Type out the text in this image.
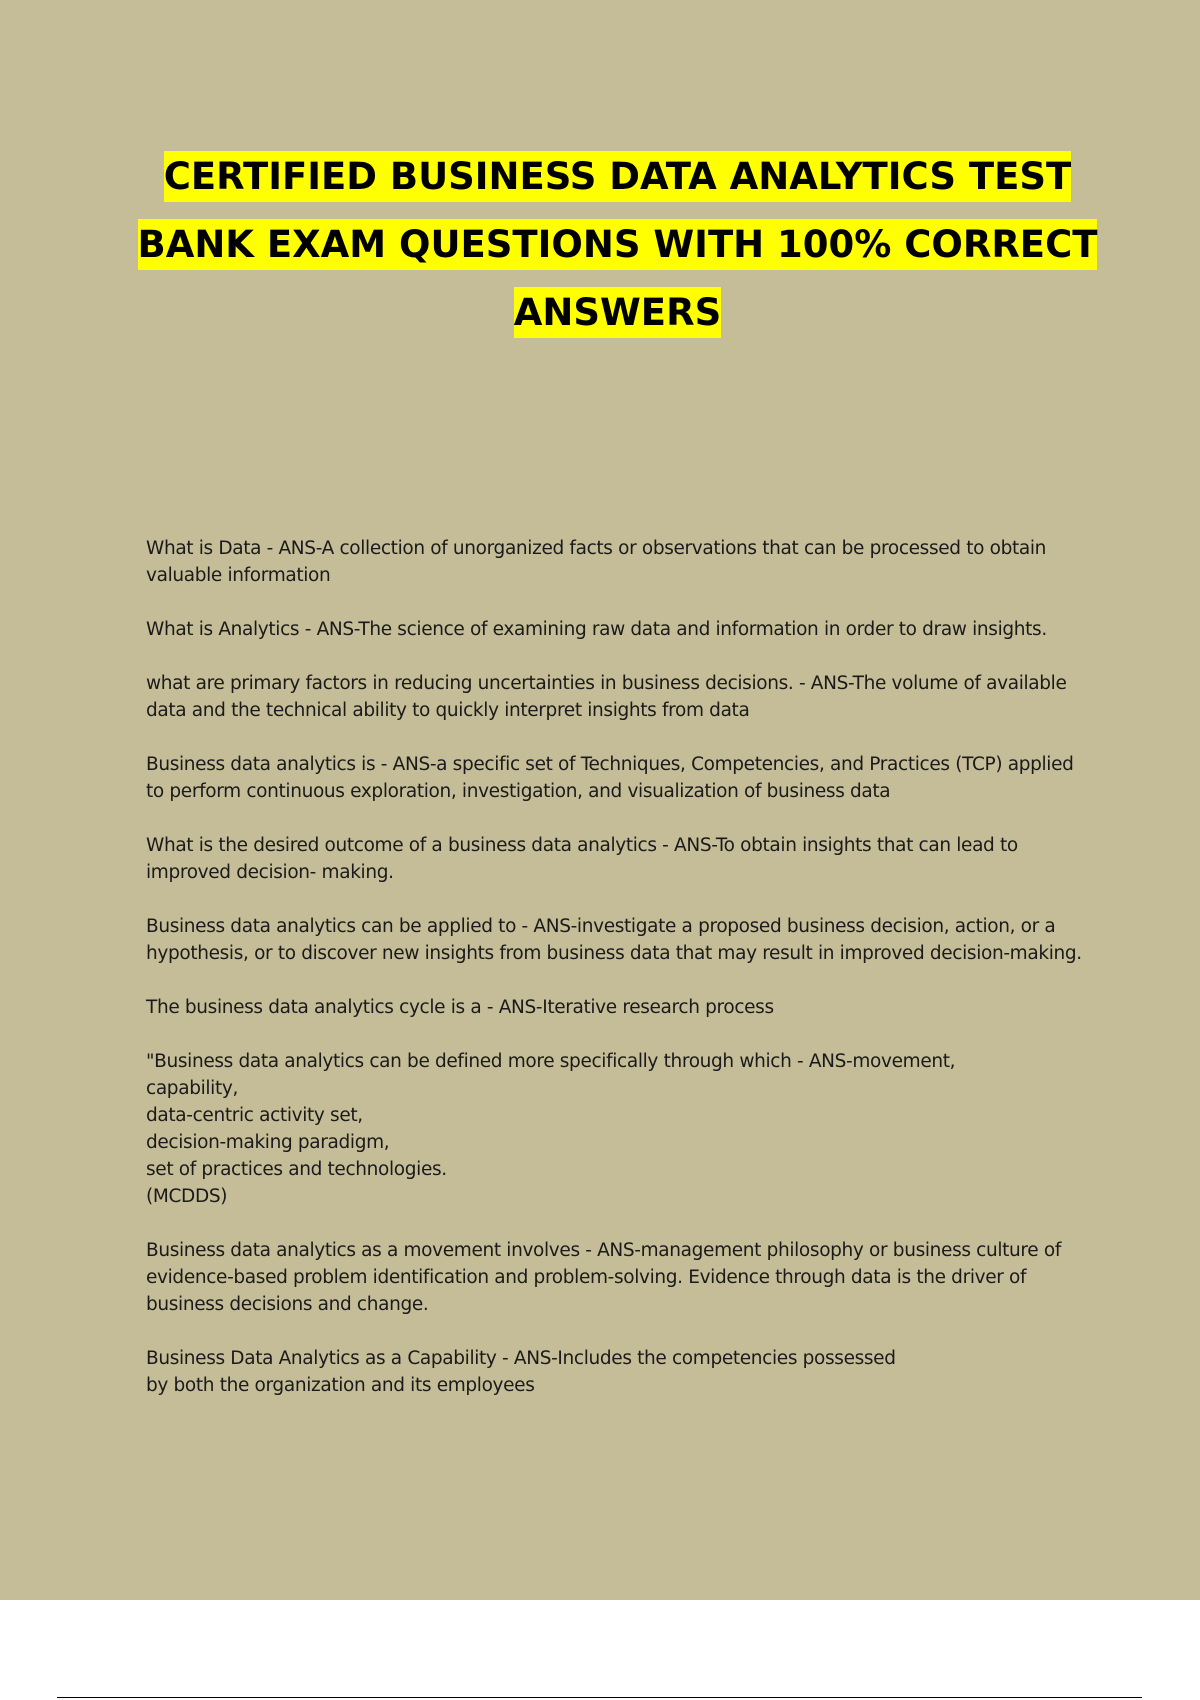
CERTIFIED BUSINESS DATA ANALYTICS TEST
BANK EXAM QUESTIONS WITH 100% CORRECT
ANSWERS
What is Data - ANS-A collection of unorganized facts or observations that can be processed to obtain
valuable information
What is Analytics - ANS-The science of examining raw data and information in order to draw insights.
what are primary factors in reducing uncertainties in business decisions. - ANS-The volume of available
data and the technical ability to quickly interpret insights from data
Business data analytics is - ANS-a specific set of Techniques, Competencies, and Practices (TCP) applied
to perform continuous exploration, investigation, and visualization of business data
What is the desired outcome of a business data analytics - ANS-To obtain insights that can lead to
improved decision- making.
Business data analytics can be applied to - ANS-investigate a proposed business decision, action, or a
hypothesis, or to discover new insights from business data that may result in improved decision-making.
The business data analytics cycle is a - ANS-Iterative research process
"Business data analytics can be defined more specifically through which - ANS-movement,
capability,
data-centric activity set,
decision-making paradigm,
set of practices and technologies.
(MCDDS)
Business data analytics as a movement involves - ANS-management philosophy or business culture of
evidence-based problem identification and problem-solving. Evidence through data is the driver of
business decisions and change.
Business Data Analytics as a Capability - ANS-Includes the competencies possessed
by both the organization and its employees
